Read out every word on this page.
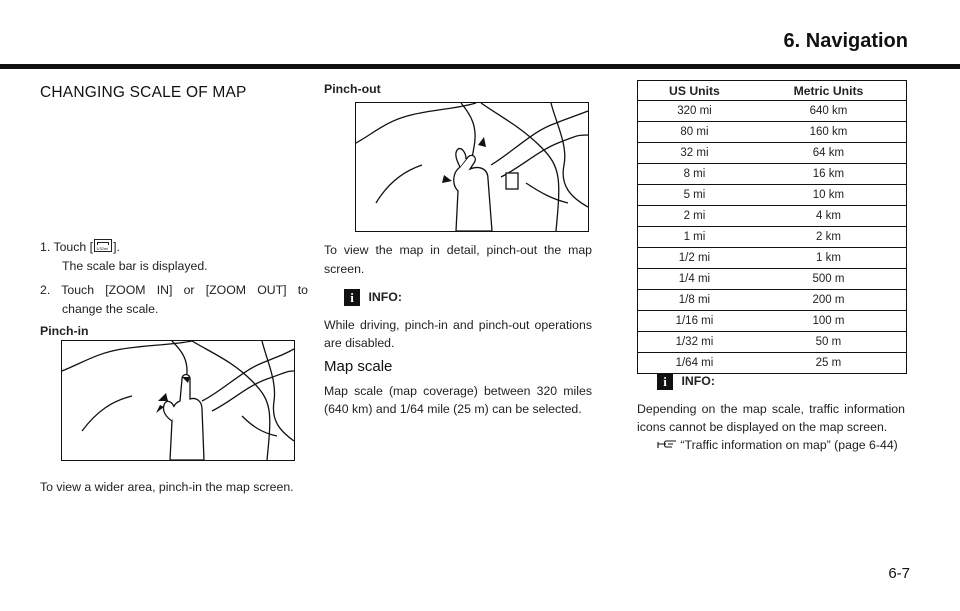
6. Navigation
CHANGING SCALE OF MAP
1. Touch [ 1/32mi ].
The scale bar is displayed.
2. Touch [ZOOM IN] or [ZOOM OUT] to
change the scale.
Pinch-in
To view a wider area, pinch-in the map screen.
Pinch-out
To view the map in detail, pinch-out the map
screen.
i	INFO:
While driving, pinch-in and pinch-out operations
are disabled.
Map scale
Map scale (map coverage) between 320 miles
(640 km) and 1/64 mile (25 m) can be selected.
US Units	Metric Units
320 mi	640 km
80 mi	160 km
32 mi	64 km
8 mi	16 km
5 mi	10 km
2 mi	4 km
1 mi	2 km
1/2 mi	1 km
1/4 mi	500 m
1/8 mi	200 m
1/16 mi	100 m
1/32 mi	50 m
1/64 mi	25 m
i	INFO:
Depending on the map scale, traffic information
icons cannot be displayed on the map screen.
“Traffic information on map” (page 6-44)
6-7
